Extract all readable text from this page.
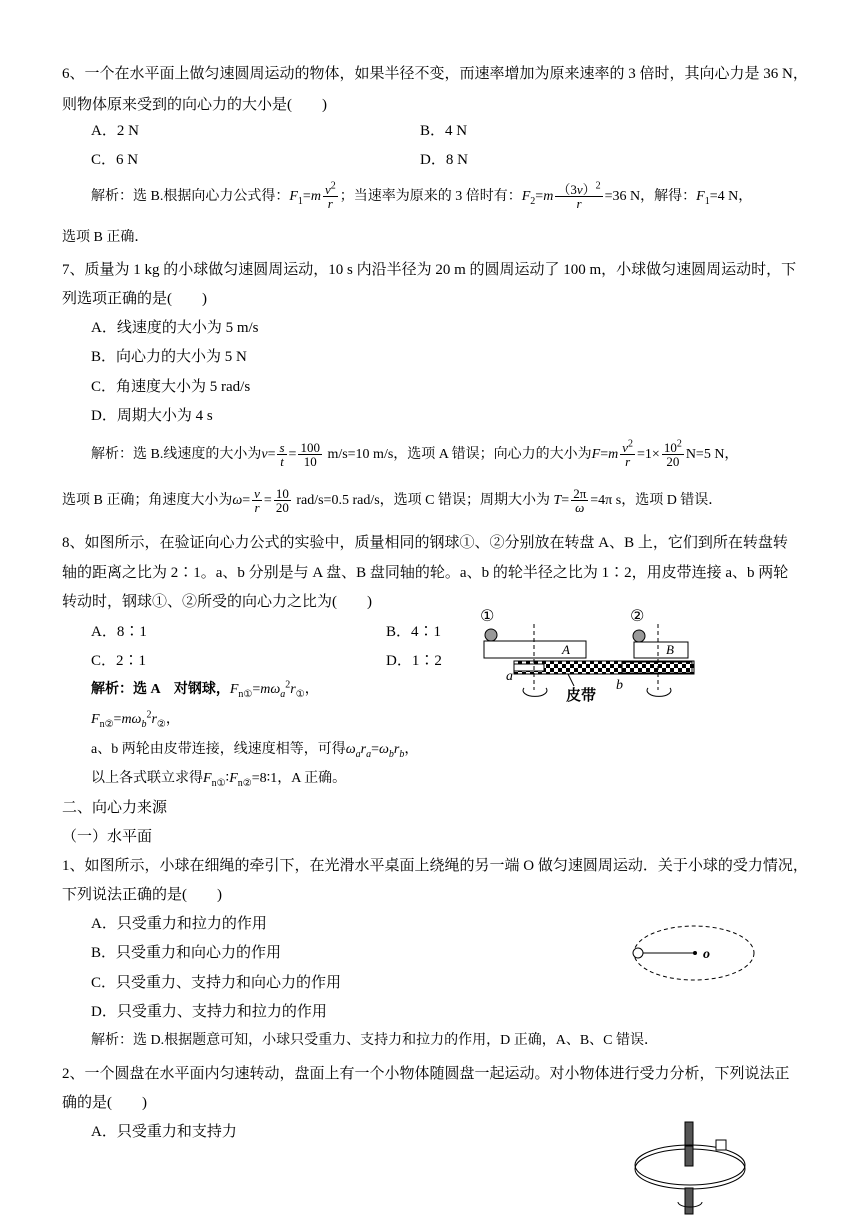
6、一个在水平面上做匀速圆周运动的物体，如果半径不变，而速率增加为原来速率的 3 倍时，其向心力是 36 N，
则物体原来受到的向心力的大小是(　　)
A．2 N	B．4 N
C．6 N	D．8 N
解析：选 B.根据向心力公式得：$F_1=m \frac{v^2}{r}$ ；当速率为原来的 3 倍时有：$F_2=m \frac{(3v)^2}{r} =36$ N，解得：$F_1=4$ N，
选项 B 正确．
7、质量为 1 kg 的小球做匀速圆周运动，10 s 内沿半径为 20 m 的圆周运动了 100 m，小球做匀速圆周运动时，下
列选项正确的是(　　)
A．线速度的大小为 5 m/s
B．向心力的大小为 5 N
C．角速度大小为 5 rad/s
D．周期大小为 4 s
解析：选 B.线速度的大小为$v= \frac{s}{t} = \frac{100}{10} m/s=10$ m/s，选项 A 错误；向心力的大小为$F=m \frac{v^2}{r} =1\times \frac{10^2}{20} N=5$ N，
选项 B 正确；角速度大小为$\omega= \frac{v}{r} = \frac{10}{20} rad/s=0.5$ rad/s，选项 C 错误；周期大小为 $T= \frac{2\pi}{\omega} =4\pi$ s，选项 D 错误．
8、如图所示，在验证向心力公式的实验中，质量相同的钢球①、②分别放在转盘 A、B 上，它们到所在转盘转
轴的距离之比为 2∶1。a、b 分别是与 A 盘、B 盘同轴的轮。a、b 的轮半径之比为 1∶2，用皮带连接 a、b 两轮
转动时，钢球①、②所受的向心力之比为(　　)
A．8∶1	B．4∶1
C．2∶1	D．1∶2
解析：选 A　对钢球，$F_{n①}=m\omega_a^2r_①$，
$F_{n②}=m\omega_b^2r_②$，
a、b 两轮由皮带连接，线速度相等，可得$\omega_ar_a=\omega_br_b$，
以上各式联立求得$F_{n①}∶F_{n②}=8∶1$，A 正确。
①
A
②
B
a
b
皮带
二、向心力来源
（一）水平面
1、如图所示，小球在细绳的牵引下，在光滑水平桌面上绕绳的另一端 O 做匀速圆周运动．关于小球的受力情况，
下列说法正确的是(　　)
A．只受重力和拉力的作用
B．只受重力和向心力的作用
C．只受重力、支持力和向心力的作用
D．只受重力、支持力和拉力的作用
解析：选 D.根据题意可知，小球只受重力、支持力和拉力的作用，D 正确，A、B、C 错误．
o
2、一个圆盘在水平面内匀速转动，盘面上有一个小物体随圆盘一起运动。对小物体进行受力分析，下列说法正
确的是(　　)
A．只受重力和支持力
